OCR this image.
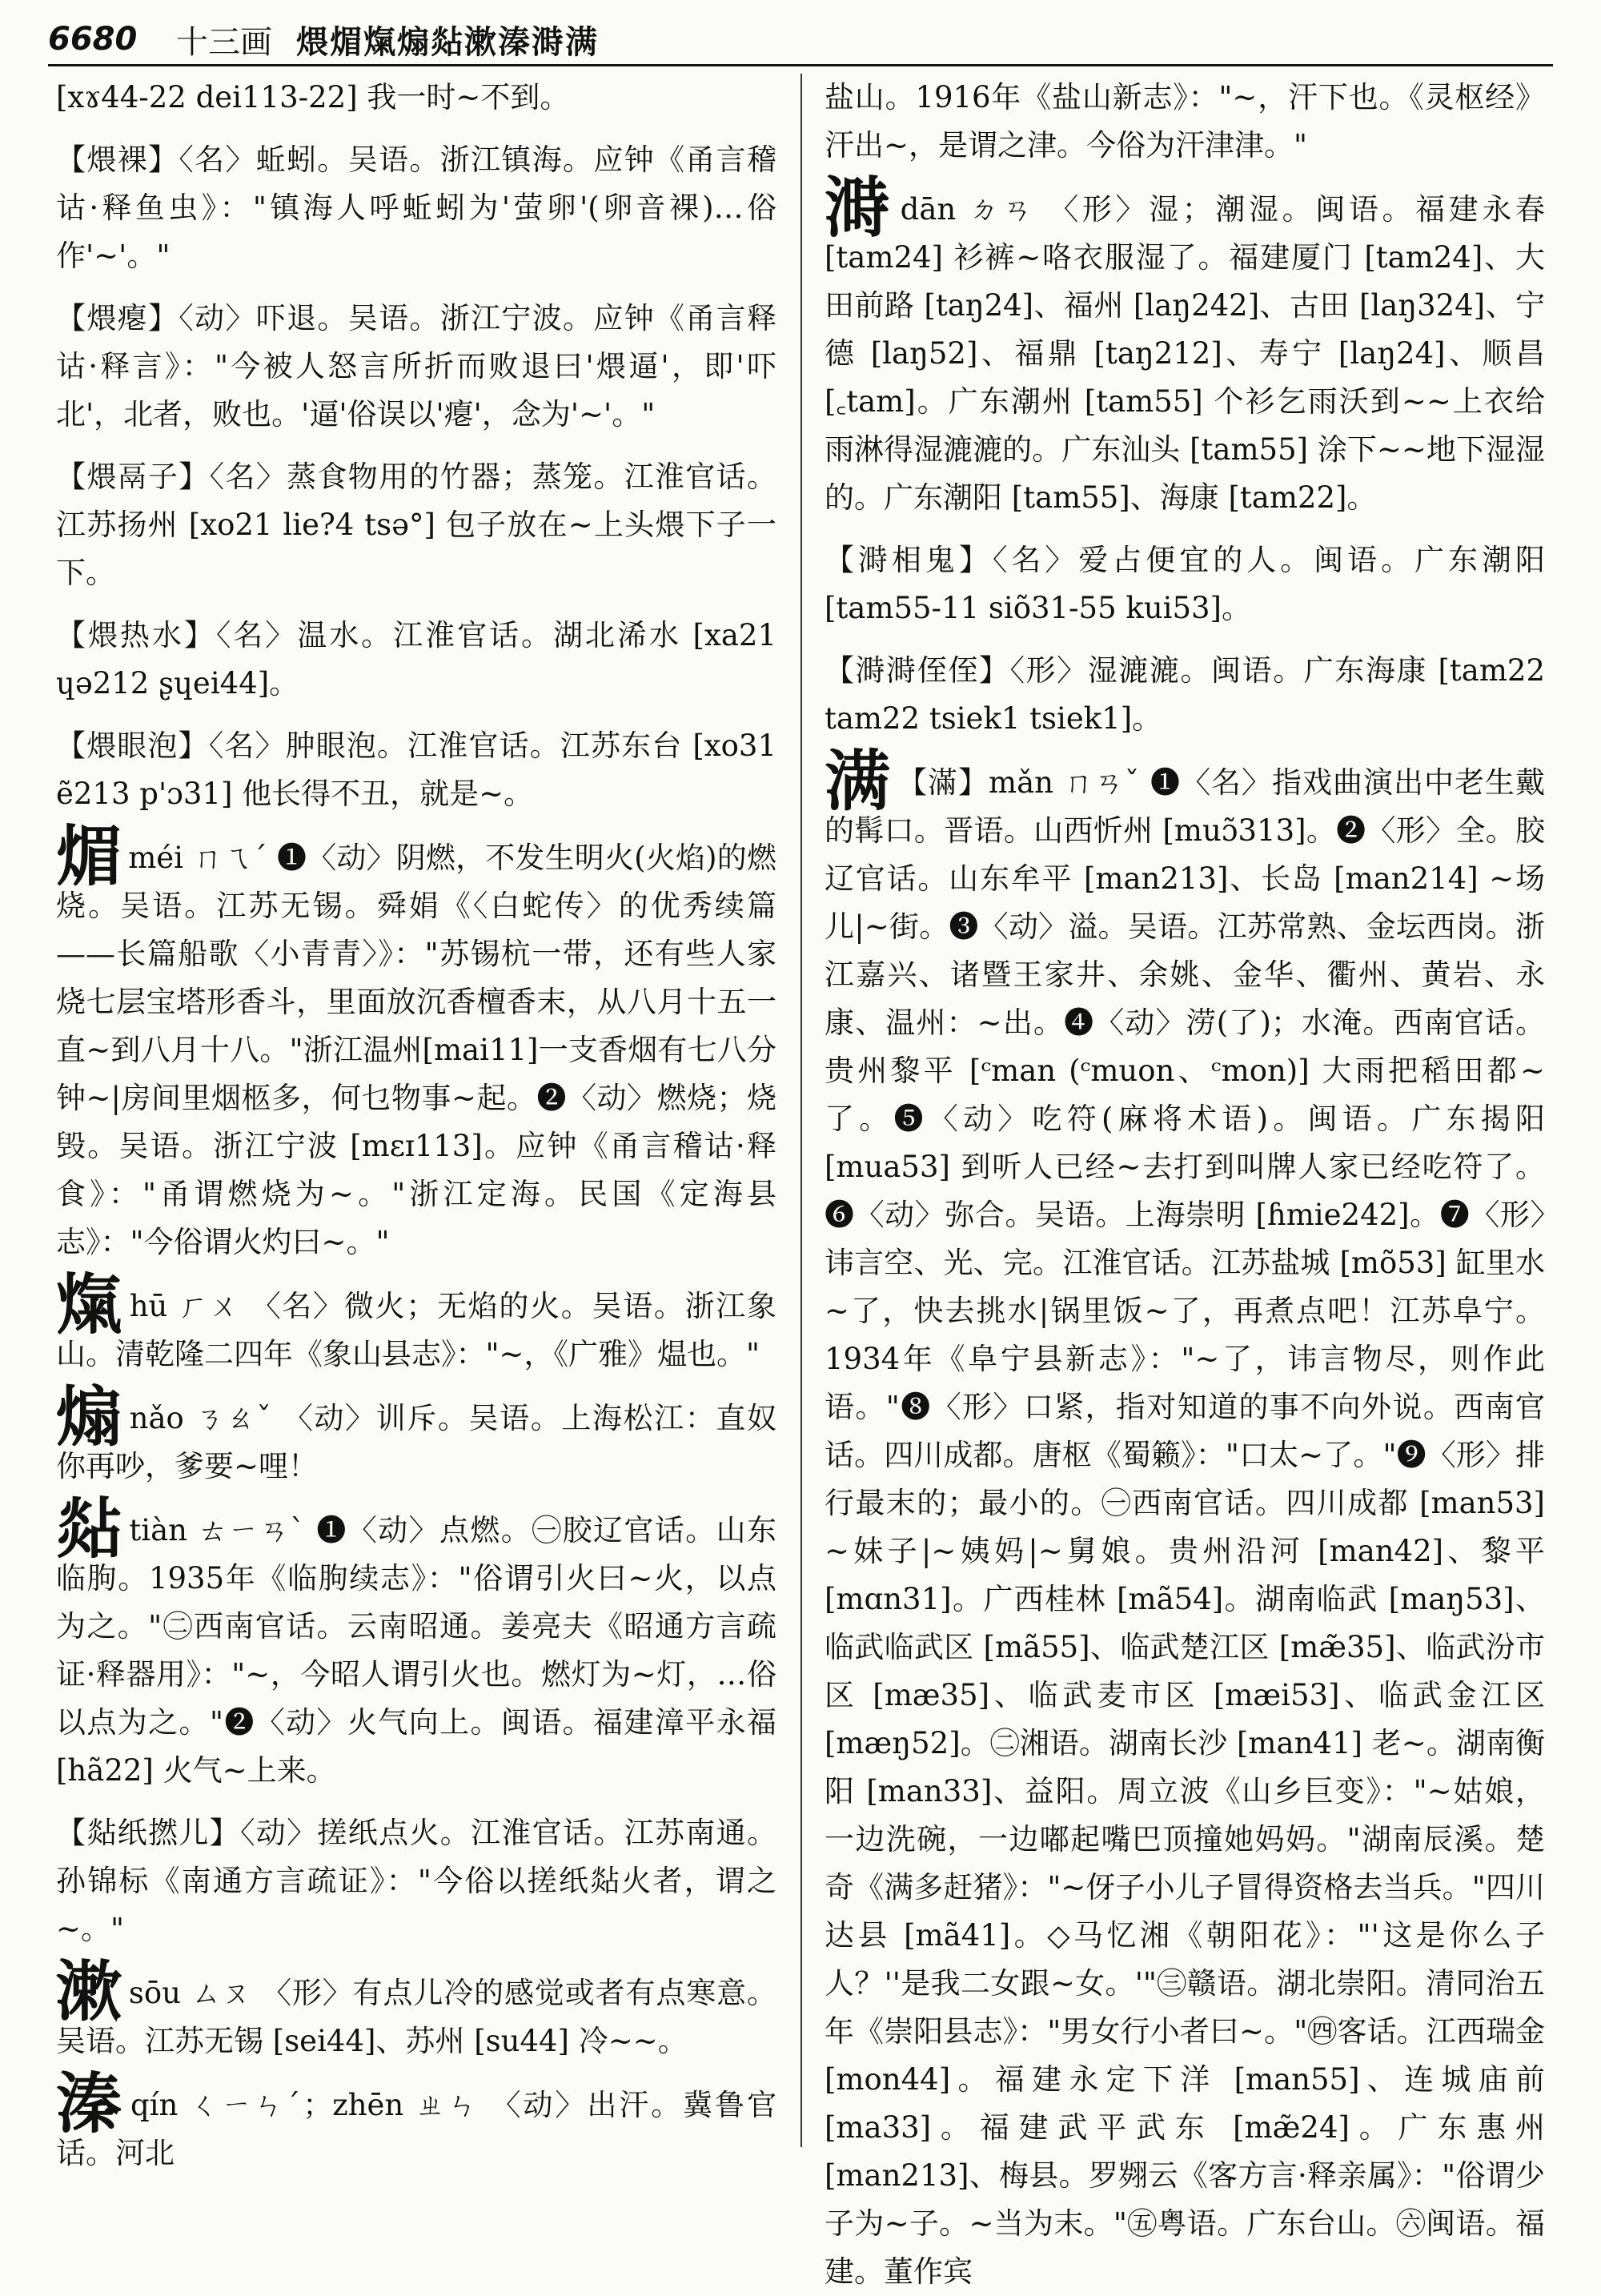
6680	十三画 煨煝熂煽煔漱溱溡满

[xɤ44-22 dei113-22] 我一时~不到。

【煨裸】〈名〉蚯蚓。吴语。浙江镇海。应钟《甬言稽诂·释鱼虫》："镇海人呼蚯蚓为'萤卵'(卵音裸)…俗作'~'。"

【煨瘪】〈动〉吓退。吴语。浙江宁波。应钟《甬言释诂·释言》："今被人怒言所折而败退曰'煨逼'，即'吓北'，北者，败也。'逼'俗误以'瘪'，念为'~'。"

【煨鬲子】〈名〉蒸食物用的竹器；蒸笼。江淮官话。江苏扬州 [xo21 lie?4 tsə°] 包子放在~上头煨下子一下。

【煨热水】〈名〉温水。江淮官话。湖北浠水 [xa21 ɥə212 ʂɥei44]。

【煨眼泡】〈名〉肿眼泡。江淮官话。江苏东台 [xo31 ẽ213 p'ɔ31] 他长得不丑，就是~。

煝méi ㄇㄟˊ ❶〈动〉阴燃，不发生明火(火焰)的燃烧。吴语。江苏无锡。舜娟《〈白蛇传〉的优秀续篇——长篇船歌〈小青青〉》："苏锡杭一带，还有些人家烧七层宝塔形香斗，里面放沉香檀香末，从八月十五一直~到八月十八。"浙江温州[mai11]一支香烟有七八分钟~|房间里烟柩多，何乜物事~起。❷〈动〉燃烧；烧毁。吴语。浙江宁波 [mɛɪ113]。应钟《甬言稽诂·释食》："甬谓燃烧为~。"浙江定海。民国《定海县志》："今俗谓火灼曰~。"

熂hū ㄏㄨ 〈名〉微火；无焰的火。吴语。浙江象山。清乾隆二四年《象山县志》："~，《广雅》煴也。"

煽nǎo ㄋㄠˇ 〈动〉训斥。吴语。上海松江：直奴你再吵，爹要~哩！

煔tiàn ㄊㄧㄢˋ ❶〈动〉点燃。㊀胶辽官话。山东临朐。1935年《临朐续志》："俗谓引火曰~火，以点为之。"㊁西南官话。云南昭通。姜亮夫《昭通方言疏证·释器用》："~，今昭人谓引火也。燃灯为~灯，…俗以点为之。"❷〈动〉火气向上。闽语。福建漳平永福 [hã22] 火气~上来。

【煔纸撚儿】〈动〉搓纸点火。江淮官话。江苏南通。孙锦标《南通方言疏证》："今俗以搓纸煔火者，谓之~。"

漱sōu ㄙㄡ 〈形〉有点儿冷的感觉或者有点寒意。吴语。江苏无锡 [sei44]、苏州 [su44] 冷~~。

溱qín ㄑㄧㄣˊ；zhēn ㄓㄣ 〈动〉出汗。冀鲁官话。河北

盐山。1916年《盐山新志》："~，汗下也。《灵枢经》汗出~，是谓之津。今俗为汗津津。"

溡dān ㄉㄢ 〈形〉湿；潮湿。闽语。福建永春 [tam24] 衫裤~咯衣服湿了。福建厦门 [tam24]、大田前路 [taŋ24]、福州 [laŋ242]、古田 [laŋ324]、宁德 [laŋ52]、福鼎 [taŋ212]、寿宁 [laŋ24]、顺昌 [꜀tam]。广东潮州 [tam55] 个衫乞雨沃到~~上衣给雨淋得湿漉漉的。广东汕头 [tam55] 涂下~~地下湿湿的。广东潮阳 [tam55]、海康 [tam22]。

【溡相鬼】〈名〉爱占便宜的人。闽语。广东潮阳 [tam55-11 siõ31-55 kui53]。

【溡溡侄侄】〈形〉湿漉漉。闽语。广东海康 [tam22 tam22 tsiek1 tsiek1]。

满 【滿】mǎn ㄇㄢˇ ❶〈名〉指戏曲演出中老生戴的髯口。晋语。山西忻州 [muɔ̃313]。❷〈形〉全。胶辽官话。山东牟平 [man213]、长岛 [man214] ~场儿|~街。❸〈动〉溢。吴语。江苏常熟、金坛西岗。浙江嘉兴、诸暨王家井、余姚、金华、衢州、黄岩、永康、温州：~出。❹〈动〉涝(了)；水淹。西南官话。贵州黎平 [ᶜman (ᶜmuon、ᶜmon)] 大雨把稻田都~了。❺〈动〉吃符(麻将术语)。闽语。广东揭阳 [mua53] 到听人已经~去打到叫牌人家已经吃符了。❻〈动〉弥合。吴语。上海崇明 [ɦmie242]。❼〈形〉讳言空、光、完。江淮官话。江苏盐城 [mõ53] 缸里水~了，快去挑水|锅里饭~了，再煮点吧！江苏阜宁。1934年《阜宁县新志》："~了，讳言物尽，则作此语。"❽〈形〉口紧，指对知道的事不向外说。西南官话。四川成都。唐枢《蜀籁》："口太~了。"❾〈形〉排行最末的；最小的。㊀西南官话。四川成都 [man53] ~妹子|~姨妈|~舅娘。贵州沿河 [man42]、黎平 [mɑn31]。广西桂林 [mã54]。湖南临武 [maŋ53]、临武临武区 [mã55]、临武楚江区 [mæ̃35]、临武汾市区 [mæ35]、临武麦市区 [mæi53]、临武金江区 [mæŋ52]。㊁湘语。湖南长沙 [man41] 老~。湖南衡阳 [man33]、益阳。周立波《山乡巨变》："~姑娘，一边洗碗，一边嘟起嘴巴顶撞她妈妈。"湖南辰溪。楚奇《满多赶猪》："~伢子小儿子冒得资格去当兵。"四川达县 [mã41]。◇马忆湘《朝阳花》："'这是你么子人？''是我二女跟~女。'"㊂赣语。湖北崇阳。清同治五年《崇阳县志》："男女行小者曰~。"㊃客话。江西瑞金 [mon44]。福建永定下洋 [man55]、连城庙前 [ma33]。福建武平武东 [mæ̃24]。广东惠州 [man213]、梅县。罗翙云《客方言·释亲属》："俗谓少子为~子。~当为末。"㊄粤语。广东台山。㊅闽语。福建。董作宾
